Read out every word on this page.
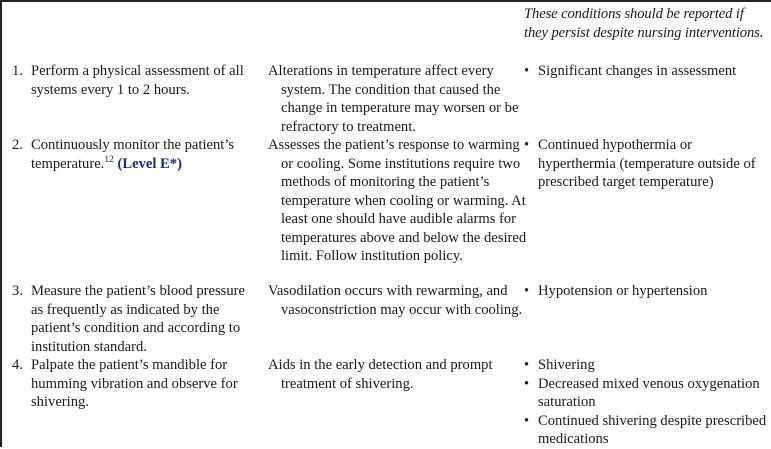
These conditions should be reported if they persist despite nursing interventions.
1. Perform a physical assessment of all systems every 1 to 2 hours.
Alterations in temperature affect every system. The condition that caused the change in temperature may worsen or be refractory to treatment.
• Significant changes in assessment
2. Continuously monitor the patient’s temperature.$^{12}$ (Level E*)
Assesses the patient’s response to warming or cooling. Some institutions require two methods of monitoring the patient’s temperature when cooling or warming. At least one should have audible alarms for temperatures above and below the desired limit. Follow institution policy.
• Continued hypothermia or hyperthermia (temperature outside of prescribed target temperature)
3. Measure the patient’s blood pressure as frequently as indicated by the patient’s condition and according to institution standard.
Vasodilation occurs with rewarming, and vasoconstriction may occur with cooling.
• Hypotension or hypertension
4. Palpate the patient’s mandible for humming vibration and observe for shivering.
Aids in the early detection and prompt treatment of shivering.
• Shivering
• Decreased mixed venous oxygenation saturation
• Continued shivering despite prescribed medications
